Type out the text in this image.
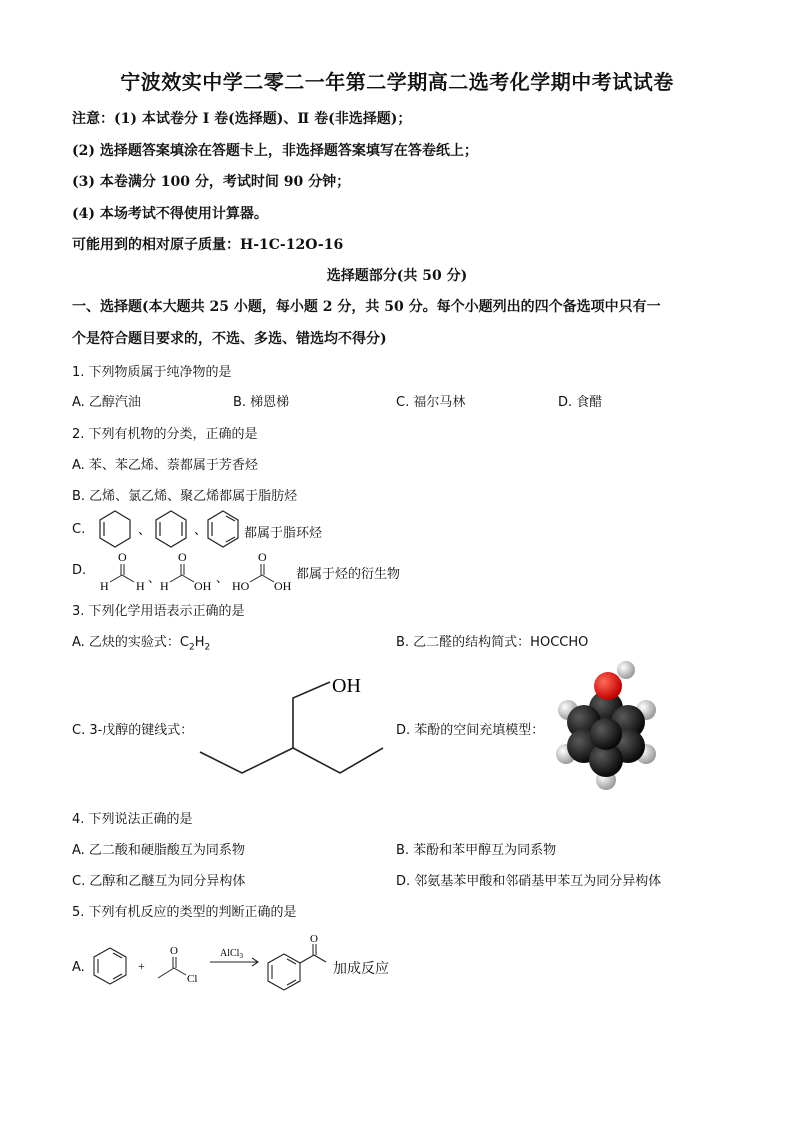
宁波效实中学二零二一年第二学期高二选考化学期中考试试卷
注意：(1) 本试卷分 Ⅰ 卷(选择题)、Ⅱ 卷(非选择题)；
(2) 选择题答案填涂在答题卡上，非选择题答案填写在答卷纸上；
(3) 本卷满分 100 分，考试时间 90 分钟；
(4) 本场考试不得使用计算器。
可能用到的相对原子质量：H-1C-12O-16
选择题部分(共 50 分)
一、选择题(本大题共 25 小题，每小题 2 分，共 50 分。每个小题列出的四个备选项中只有一
个是符合题目要求的，不选、多选、错选均不得分)
1. 下列物质属于纯净物的是
A. 乙醇汽油	B. 梯恩梯	C. 福尔马林	D. 食醋
2. 下列有机物的分类，正确的是
A. 苯、苯乙烯、萘都属于芳香烃
B. 乙烯、氯乙烯、聚乙烯都属于脂肪烃
C.	、	、	都属于脂环烃
D.
O
H H
、
O
H OH
、
O
HO OH
都属于烃的衍生物
3. 下列化学用语表示正确的是
A. 乙炔的实验式：$C_2H_2$	B. 乙二醛的结构简式：HOCCHO
C. 3-戊醇的键线式：
OH
D. 苯酚的空间充填模型：
4. 下列说法正确的是
A. 乙二酸和硬脂酸互为同系物	B. 苯酚和苯甲醇互为同系物
C. 乙醇和乙醚互为同分异构体	D. 邻氨基苯甲酸和邻硝基甲苯互为同分异构体
5. 下列有机反应的类型的判断正确的是
A.	+
O
Cl
AlCl$_3$
O
加成反应
